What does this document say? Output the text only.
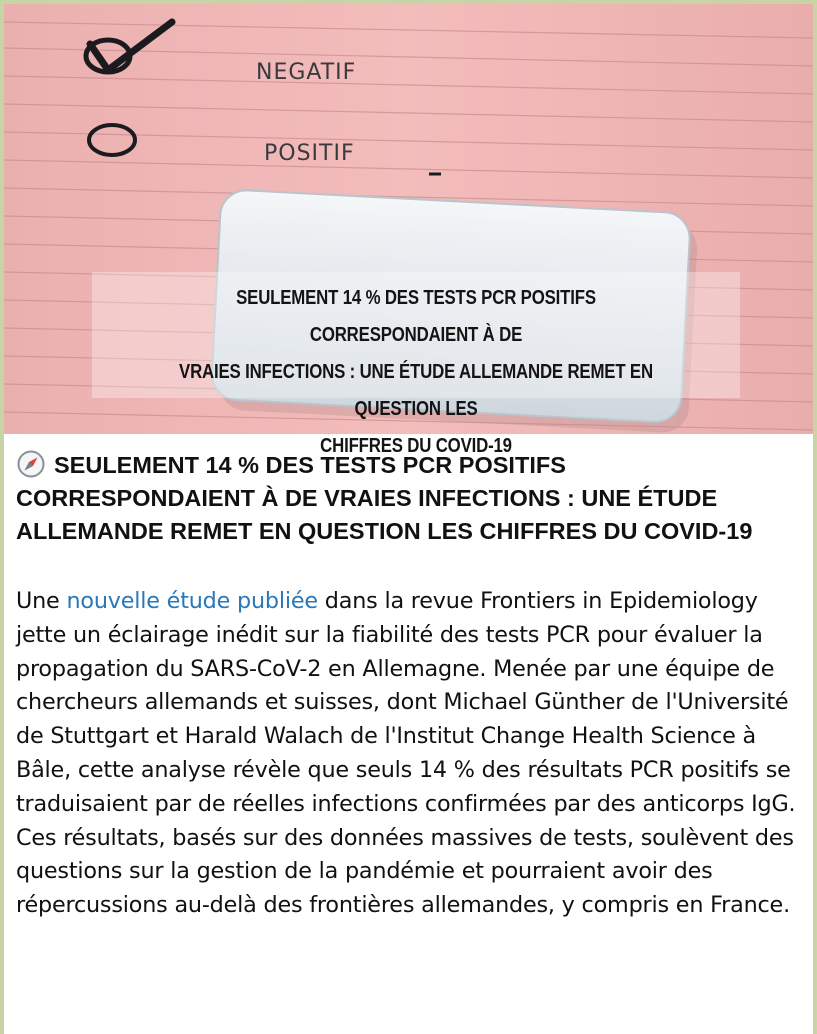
NEGATIF
POSITIF
SEULEMENT 14 % DES TESTS PCR POSITIFS CORRESPONDAIENT À DE
VRAIES INFECTIONS : UNE ÉTUDE ALLEMANDE REMET EN QUESTION LES
CHIFFRES DU COVID-19

SEULEMENT 14 % DES TESTS PCR POSITIFS CORRESPONDAIENT À DE VRAIES INFECTIONS : UNE ÉTUDE ALLEMANDE REMET EN QUESTION LES CHIFFRES DU COVID-19

Une nouvelle étude publiée dans la revue Frontiers in Epidemiology jette un éclairage inédit sur la fiabilité des tests PCR pour évaluer la propagation du SARS-CoV-2 en Allemagne. Menée par une équipe de chercheurs allemands et suisses, dont Michael Günther de l'Université de Stuttgart et Harald Walach de l'Institut Change Health Science à Bâle, cette analyse révèle que seuls 14 % des résultats PCR positifs se traduisaient par de réelles infections confirmées par des anticorps IgG. Ces résultats, basés sur des données massives de tests, soulèvent des questions sur la gestion de la pandémie et pourraient avoir des répercussions au-delà des frontières allemandes, y compris en France.
